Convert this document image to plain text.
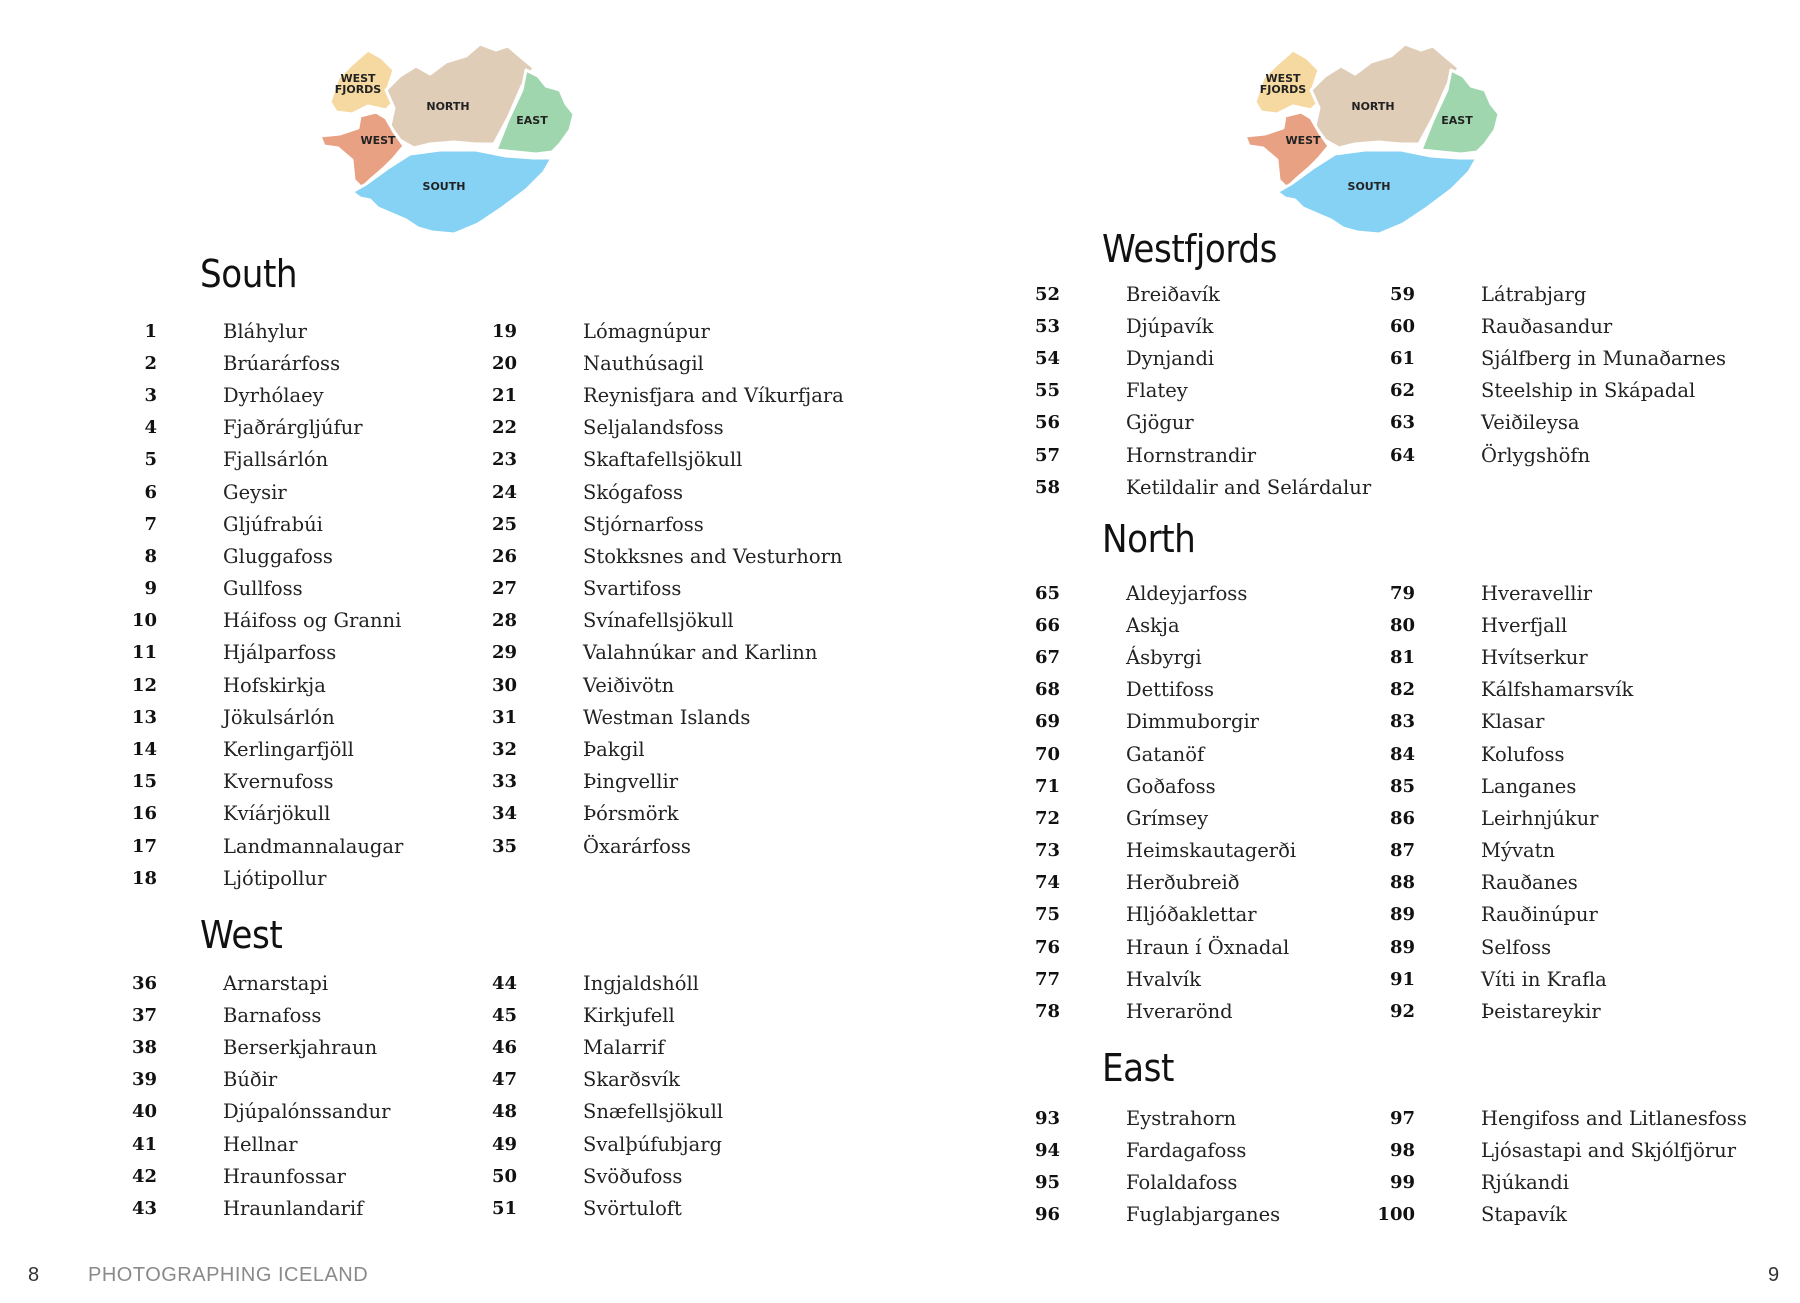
WEST
FJORDS
NORTH
EAST
WEST
SOUTH
South
1	Bláhylur
2	Brúarárfoss
3	Dyrhólaey
4	Fjaðrárgljúfur
5	Fjallsárlón
6	Geysir
7	Gljúfrabúi
8	Gluggafoss
9	Gullfoss
10	Háifoss og Granni
11	Hjálparfoss
12	Hofskirkja
13	Jökulsárlón
14	Kerlingarfjöll
15	Kvernufoss
16	Kvíárjökull
17	Landmannalaugar
18	Ljótipollur
19	Lómagnúpur
20	Nauthúsagil
21	Reynisfjara and Víkurfjara
22	Seljalandsfoss
23	Skaftafellsjökull
24	Skógafoss
25	Stjórnarfoss
26	Stokksnes and Vesturhorn
27	Svartifoss
28	Svínafellsjökull
29	Valahnúkar and Karlinn
30	Veiðivötn
31	Westman Islands
32	Þakgil
33	Þingvellir
34	Þórsmörk
35	Öxarárfoss
West
36	Arnarstapi
37	Barnafoss
38	Berserkjahraun
39	Búðir
40	Djúpalónssandur
41	Hellnar
42	Hraunfossar
43	Hraunlandarif
44	Ingjaldshóll
45	Kirkjufell
46	Malarrif
47	Skarðsvík
48	Snæfellsjökull
49	Svalþúfubjarg
50	Svöðufoss
51	Svörtuloft
8 PHOTOGRAPHING ICELAND
WEST
FJORDS
NORTH
EAST
WEST
SOUTH
Westfjords
52	Breiðavík
53	Djúpavík
54	Dynjandi
55	Flatey
56	Gjögur
57	Hornstrandir
58	Ketildalir and Selárdalur
59	Látrabjarg
60	Rauðasandur
61	Sjálfberg in Munaðarnes
62	Steelship in Skápadal
63	Veiðileysa
64	Örlygshöfn
North
65	Aldeyjarfoss
66	Askja
67	Ásbyrgi
68	Dettifoss
69	Dimmuborgir
70	Gatanöf
71	Goðafoss
72	Grímsey
73	Heimskautagerði
74	Herðubreið
75	Hljóðaklettar
76	Hraun í Öxnadal
77	Hvalvík
78	Hverarönd
79	Hveravellir
80	Hverfjall
81	Hvítserkur
82	Kálfshamarsvík
83	Klasar
84	Kolufoss
85	Langanes
86	Leirhnjúkur
87	Mývatn
88	Rauðanes
89	Rauðinúpur
89	Selfoss
91	Víti in Krafla
92	Þeistareykir
East
93	Eystrahorn
94	Fardagafoss
95	Folaldafoss
96	Fuglabjarganes
97	Hengifoss and Litlanesfoss
98	Ljósastapi and Skjólfjörur
99	Rjúkandi
100	Stapavík
9
